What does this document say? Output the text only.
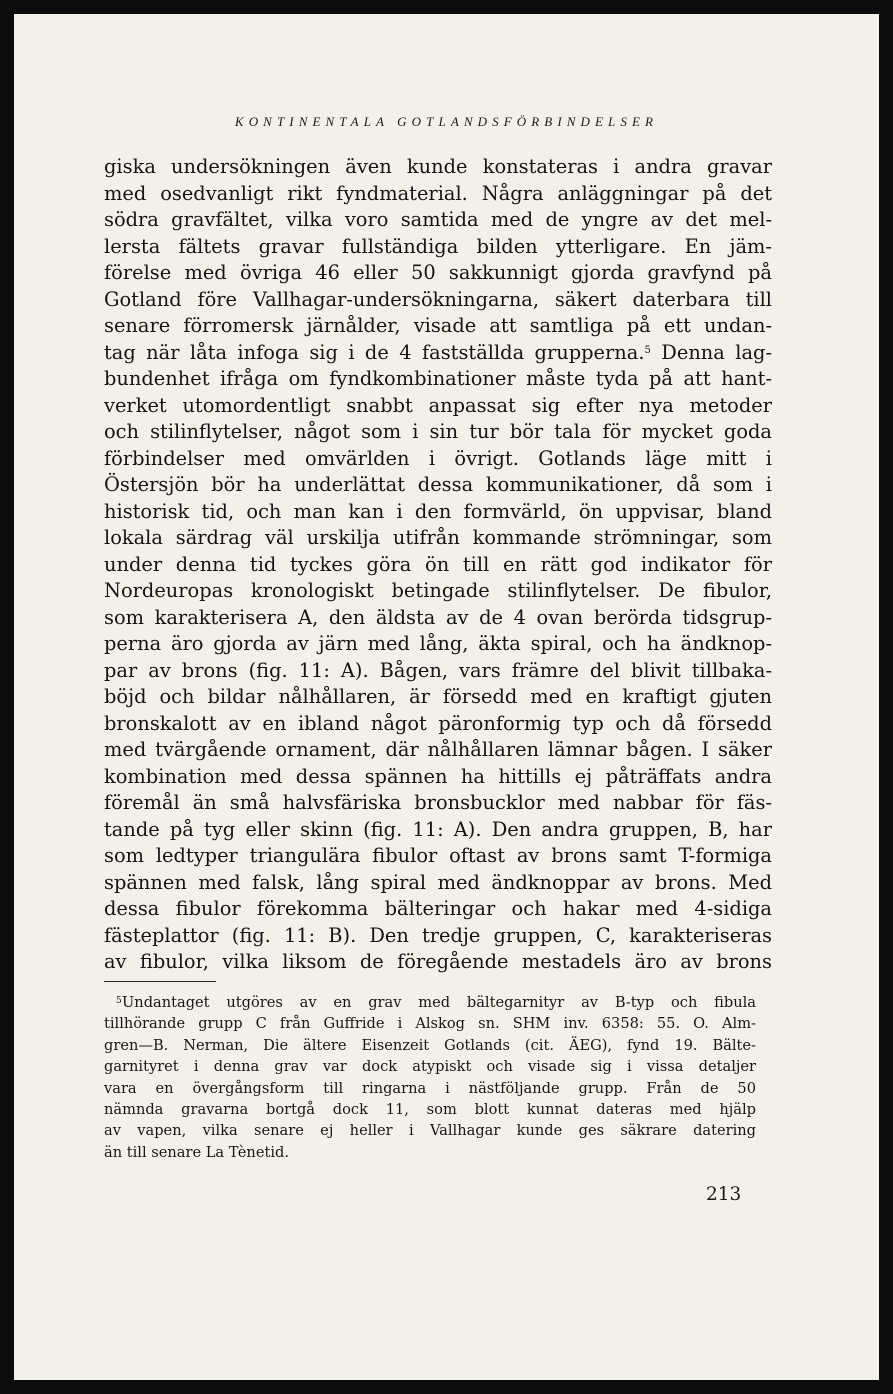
KONTINENTALA GOTLANDSFÖRBINDELSER
giska undersökningen även kunde konstateras i andra gravar
med osedvanligt rikt fyndmaterial. Några anläggningar på det
södra gravfältet, vilka voro samtida med de yngre av det mel-
lersta fältets gravar fullständiga bilden ytterligare. En jäm-
förelse med övriga 46 eller 50 sakkunnigt gjorda gravfynd på
Gotland före Vallhagar-undersökningarna, säkert daterbara till
senare förromersk järnålder, visade att samtliga på ett undan-
tag när låta infoga sig i de 4 fastställda grupperna.$^5$ Denna lag-
bundenhet ifråga om fyndkombinationer måste tyda på att hant-
verket utomordentligt snabbt anpassat sig efter nya metoder
och stilinflytelser, något som i sin tur bör tala för mycket goda
förbindelser med omvärlden i övrigt. Gotlands läge mitt i
Östersjön bör ha underlättat dessa kommunikationer, då som i
historisk tid, och man kan i den formvärld, ön uppvisar, bland
lokala särdrag väl urskilja utifrån kommande strömningar, som
under denna tid tyckes göra ön till en rätt god indikator för
Nordeuropas kronologiskt betingade stilinflytelser. De fibulor,
som karakterisera A, den äldsta av de 4 ovan berörda tidsgrup-
perna äro gjorda av järn med lång, äkta spiral, och ha ändknop-
par av brons (fig. 11: A). Bågen, vars främre del blivit tillbaka-
böjd och bildar nålhållaren, är försedd med en kraftigt gjuten
bronskalott av en ibland något päronformig typ och då försedd
med tvärgående ornament, där nålhållaren lämnar bågen. I säker
kombination med dessa spännen ha hittills ej påträffats andra
föremål än små halvsfäriska bronsbucklor med nabbar för fäs-
tande på tyg eller skinn (fig. 11: A). Den andra gruppen, B, har
som ledtyper triangulära fibulor oftast av brons samt T-formiga
spännen med falsk, lång spiral med ändknoppar av brons. Med
dessa fibulor förekomma bälteringar och hakar med 4-sidiga
fästeplattor (fig. 11: B). Den tredje gruppen, C, karakteriseras
av fibulor, vilka liksom de föregående mestadels äro av brons
5 Undantaget utgöres av en grav med bältegarnityr av B-typ och fibula
tillhörande grupp C från Guffride i Alskog sn. SHM inv. 6358: 55. O. Alm-
gren—B. Nerman, Die ältere Eisenzeit Gotlands (cit. ÄEG), fynd 19. Bälte-
garnityret i denna grav var dock atypiskt och visade sig i vissa detaljer
vara en övergångsform till ringarna i nästföljande grupp. Från de 50
nämnda gravarna bortgå dock 11, som blott kunnat dateras med hjälp
av vapen, vilka senare ej heller i Vallhagar kunde ges säkrare datering
än till senare La Tènetid.
213
